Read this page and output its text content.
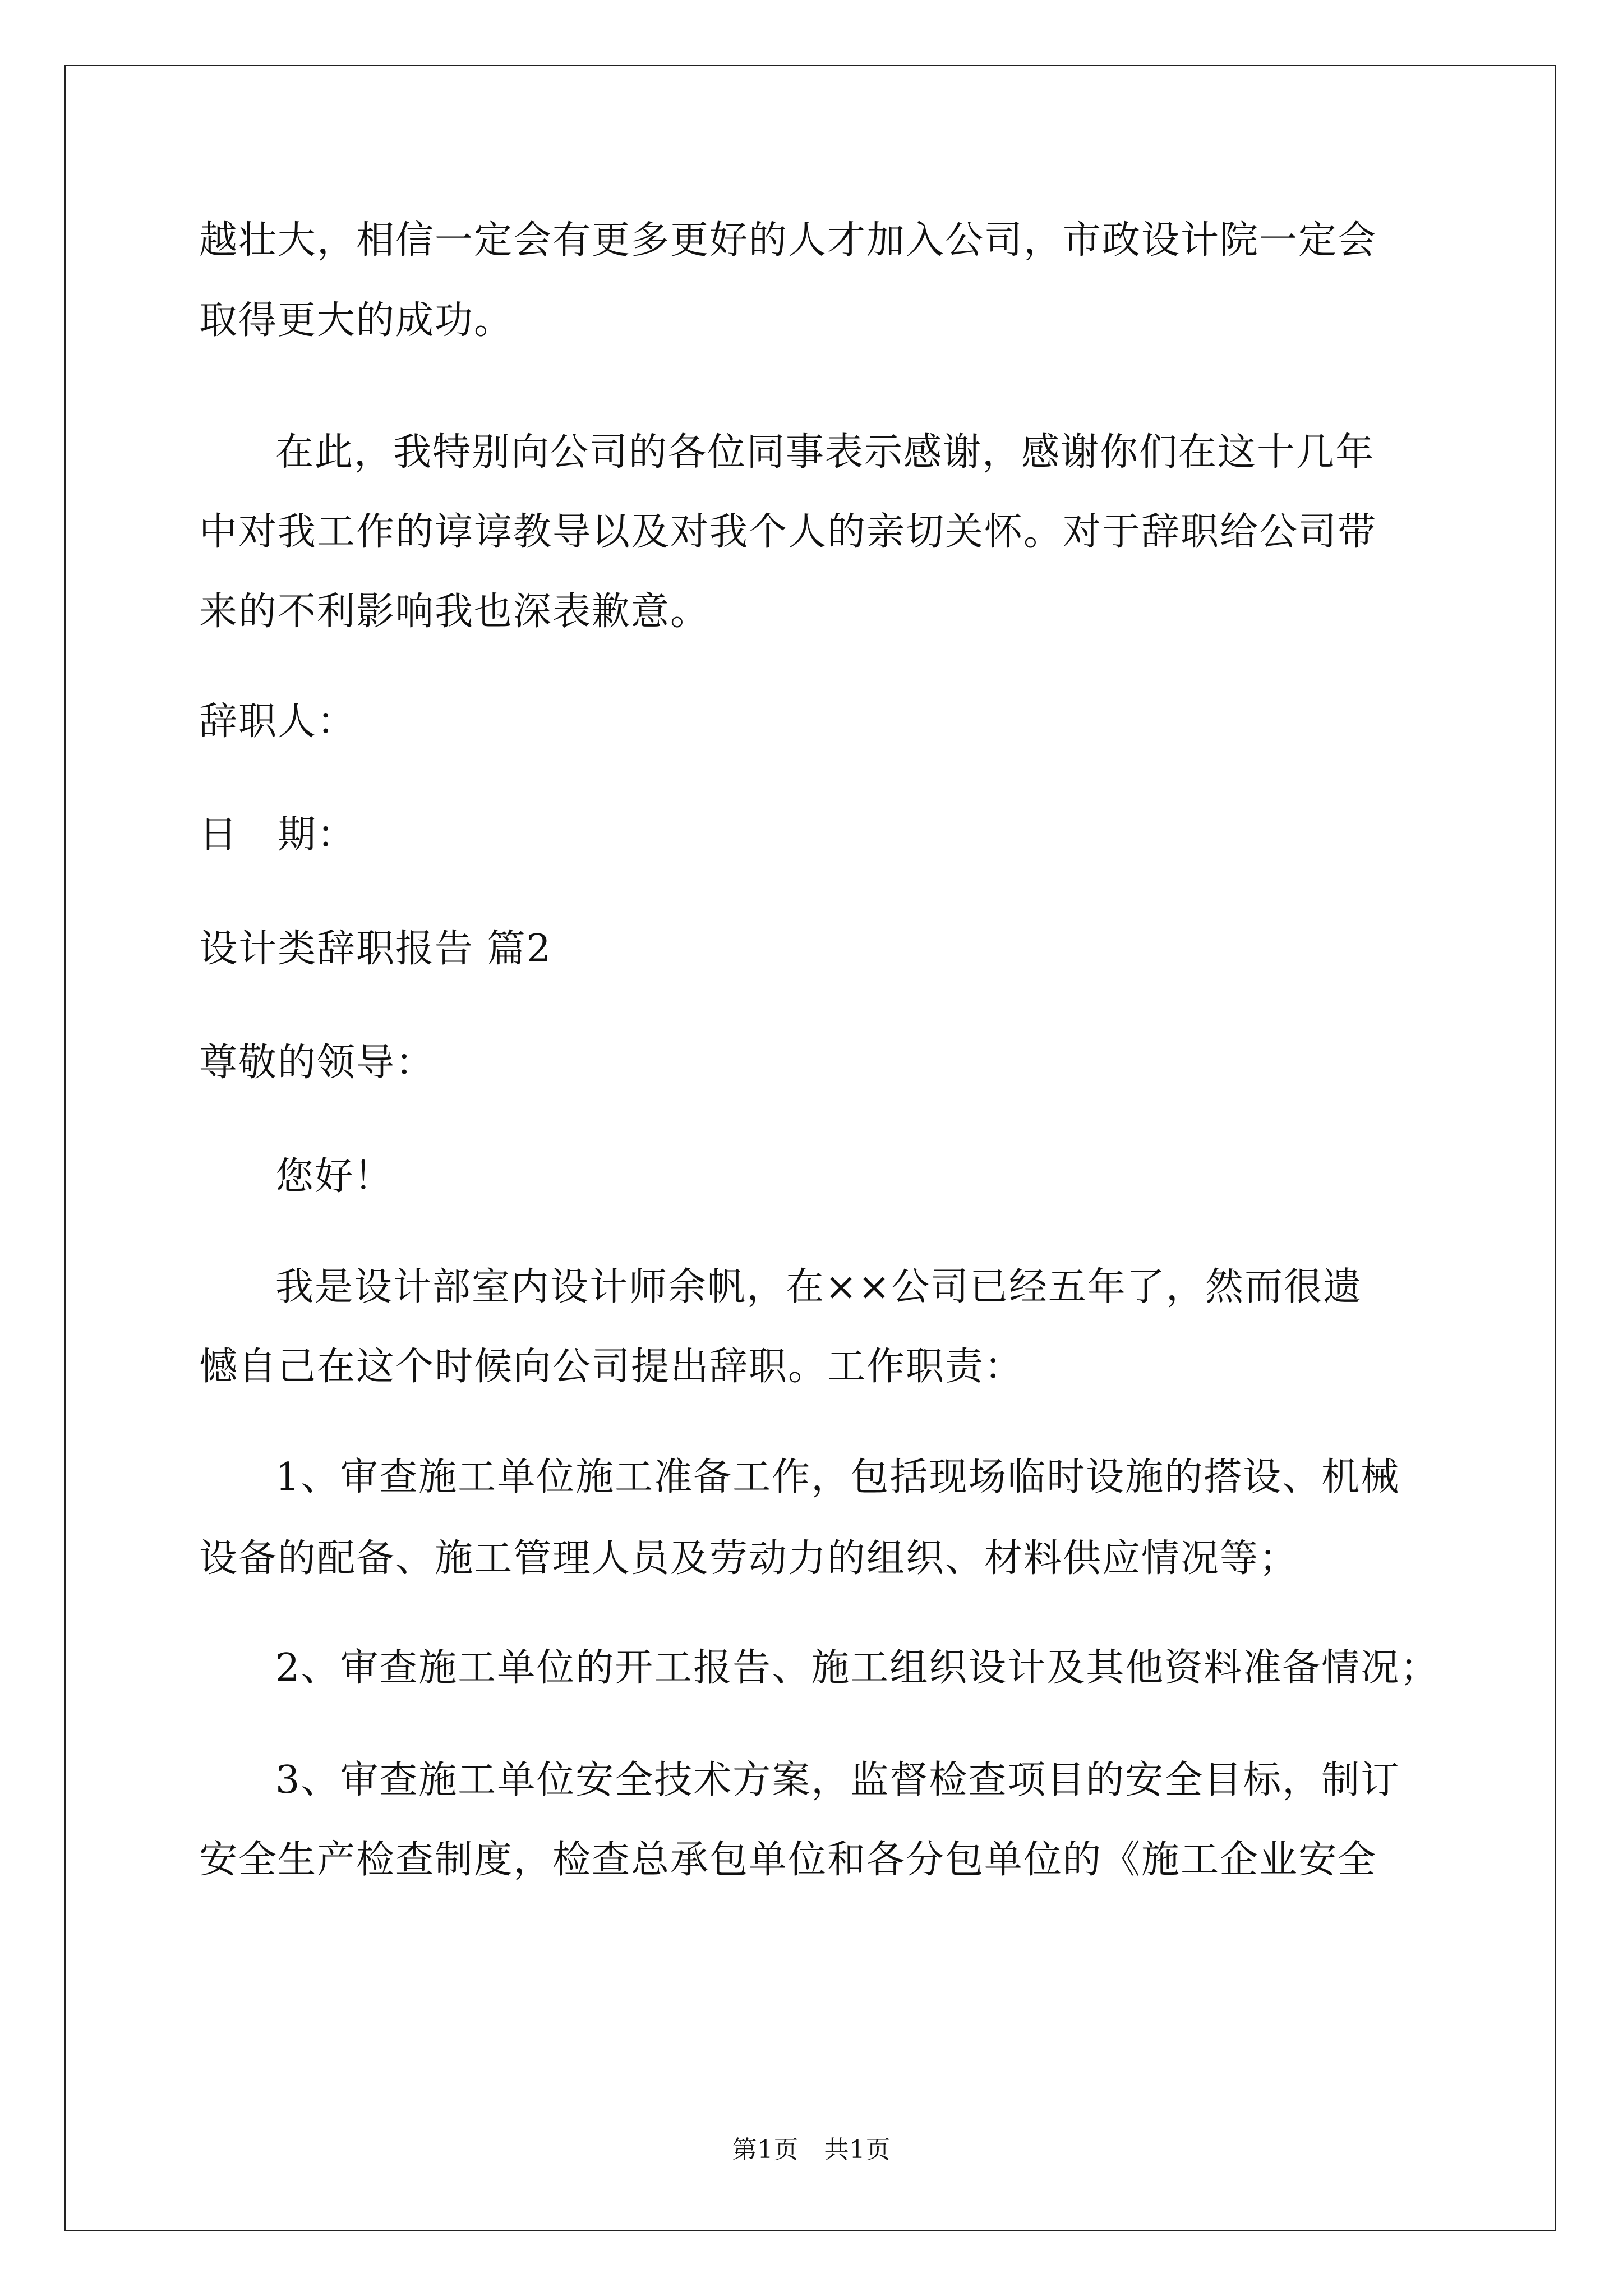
越壮大，相信一定会有更多更好的人才加入公司，市政设计院一定会
取得更大的成功。
在此，我特别向公司的各位同事表示感谢，感谢你们在这十几年
中对我工作的谆谆教导以及对我个人的亲切关怀。对于辞职给公司带
来的不利影响我也深表歉意。
辞职人：
日　期：
设计类辞职报告 篇2
尊敬的领导：
您好！
我是设计部室内设计师余帆，在××公司已经五年了，然而很遗
憾自己在这个时候向公司提出辞职。工作职责：
1、审查施工单位施工准备工作，包括现场临时设施的搭设、机械
设备的配备、施工管理人员及劳动力的组织、材料供应情况等；
2、审查施工单位的开工报告、施工组织设计及其他资料准备情况；
3、审查施工单位安全技术方案，监督检查项目的安全目标，制订
安全生产检查制度，检查总承包单位和各分包单位的《施工企业安全
第1页　共1页
